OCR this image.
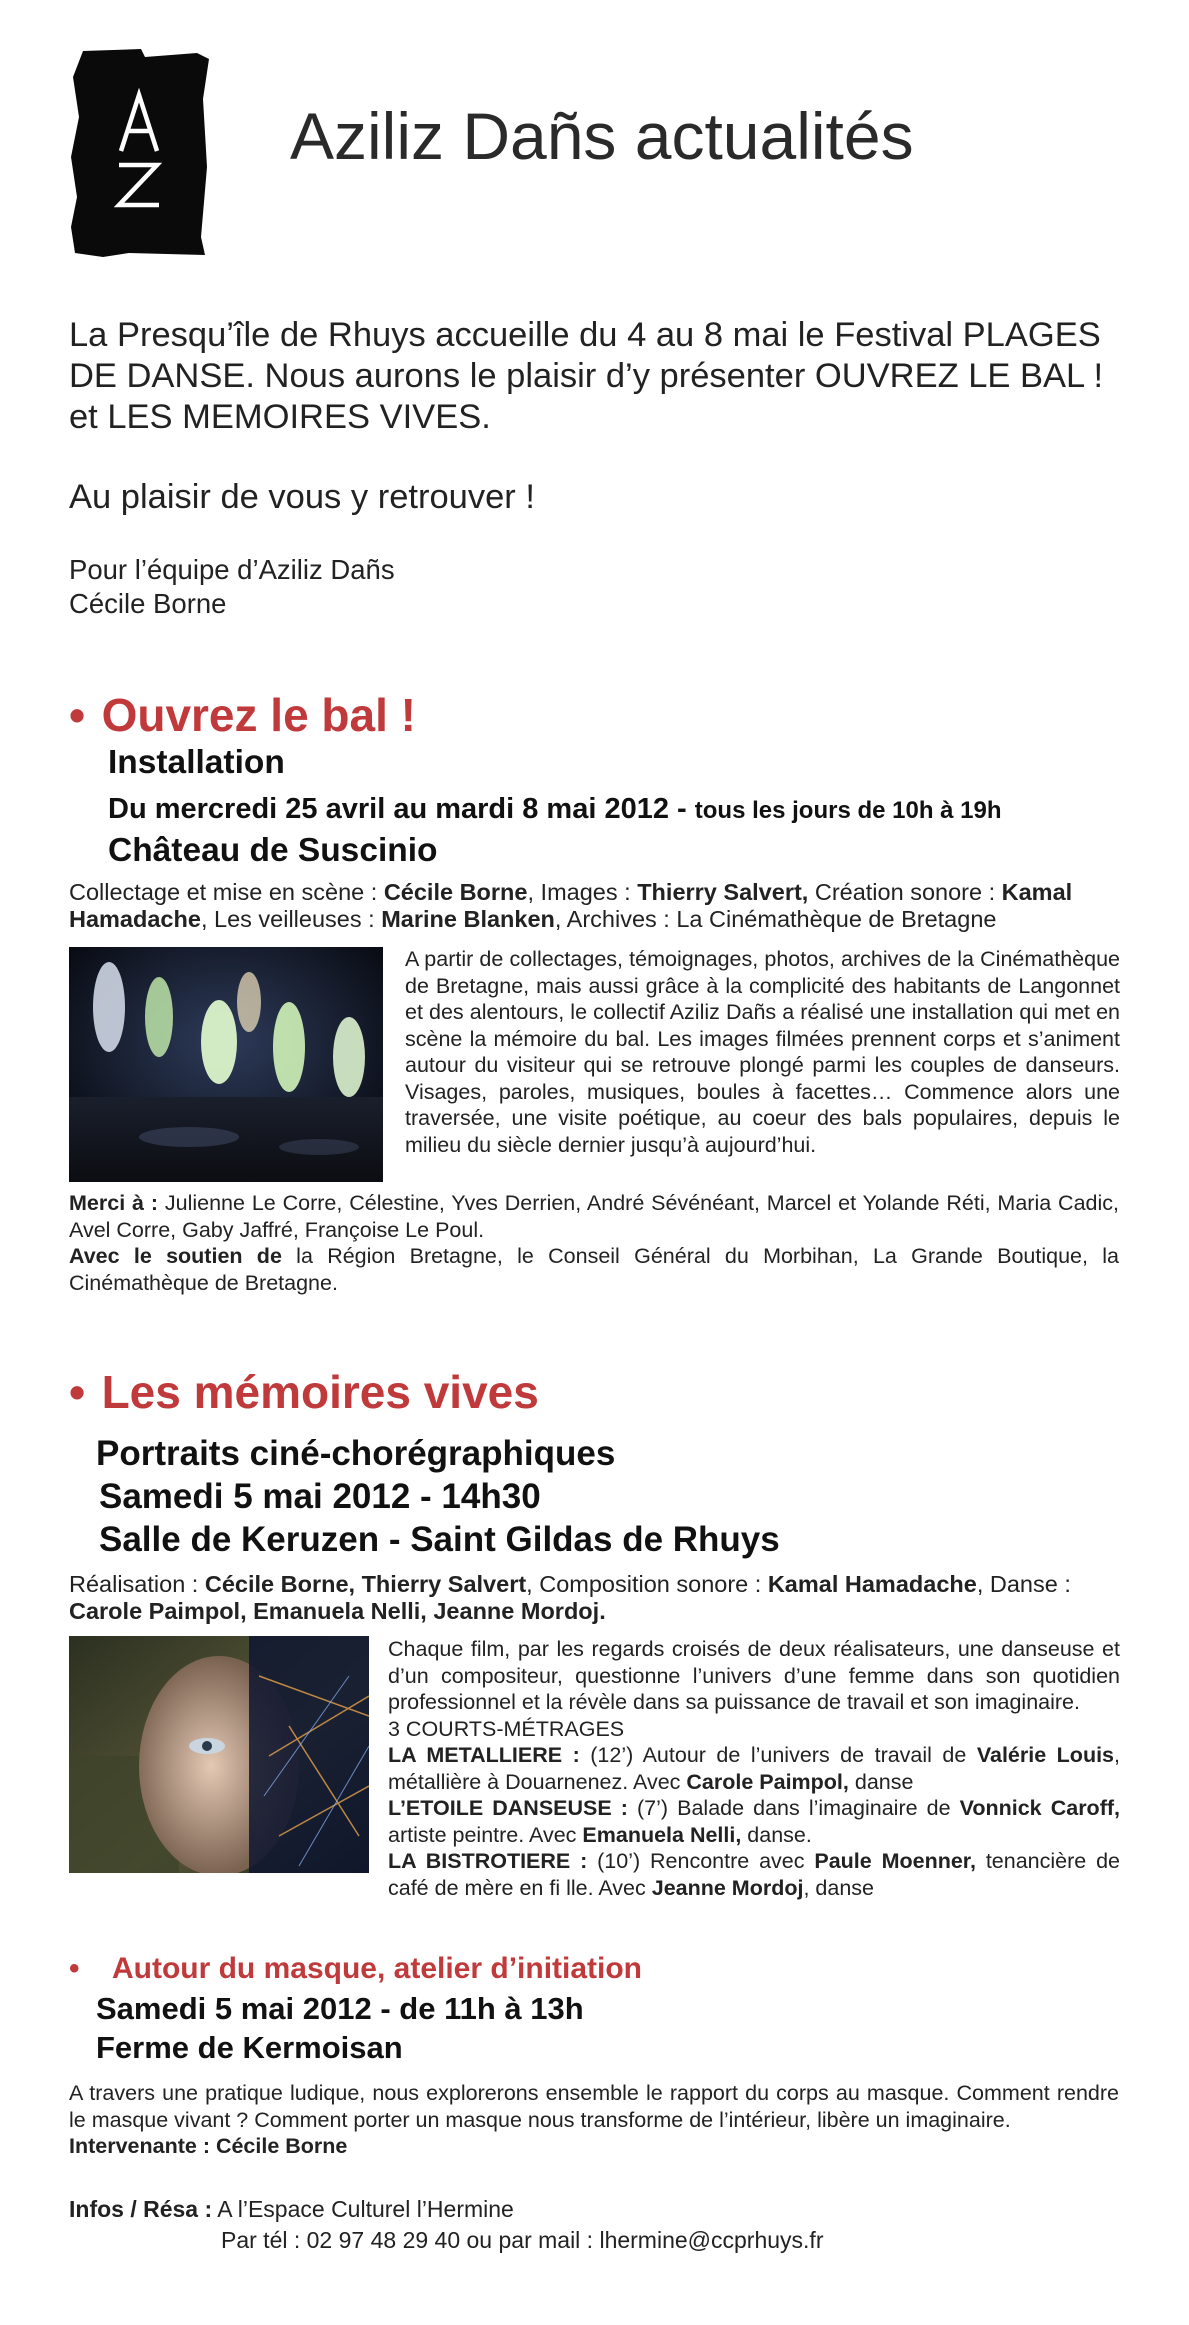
Aziliz Dañs actualités
La Presqu’île de Rhuys accueille du 4 au 8 mai le Festival PLAGES DE DANSE. Nous aurons le plaisir d’y présenter OUVREZ LE BAL ! et LES MEMOIRES VIVES.
Au plaisir de vous y retrouver !
Pour l’équipe d’Aziliz Dañs
Cécile Borne
• Ouvrez le bal !
Installation
Du mercredi 25 avril au mardi 8 mai 2012 - tous les jours de 10h à 19h
Château de Suscinio
Collectage et mise en scène : Cécile Borne, Images : Thierry Salvert, Création sonore : Kamal Hamadache, Les veilleuses : Marine Blanken, Archives : La Cinémathèque de Bretagne
A partir de collectages, témoignages, photos, archives de la Cinémathèque de Bretagne, mais aussi grâce à la complicité des habitants de Langonnet et des alentours, le collectif Aziliz Dañs a réalisé une installation qui met en scène la mémoire du bal. Les images filmées prennent corps et s’animent autour du visiteur qui se retrouve plongé parmi les couples de danseurs. Visages, paroles, musiques, boules à facettes… Commence alors une traversée, une visite poétique, au coeur des bals populaires, depuis le milieu du siècle dernier jusqu’à aujourd’hui.
Merci à : Julienne Le Corre, Célestine, Yves Derrien, André Sévénéant, Marcel et Yolande Réti, Maria Cadic, Avel Corre, Gaby Jaffré, Françoise Le Poul.
Avec le soutien de la Région Bretagne, le Conseil Général du Morbihan, La Grande Boutique, la Cinémathèque de Bretagne.
• Les mémoires vives
Portraits ciné-chorégraphiques
Samedi 5 mai 2012 - 14h30
Salle de Keruzen - Saint Gildas de Rhuys
Réalisation : Cécile Borne, Thierry Salvert, Composition sonore : Kamal Hamadache, Danse : Carole Paimpol, Emanuela Nelli, Jeanne Mordoj.
Chaque film, par les regards croisés de deux réalisateurs, une danseuse et d’un compositeur, questionne l’univers d’une femme dans son quotidien professionnel et la révèle dans sa puissance de travail et son imaginaire.
3 COURTS-MÉTRAGES
LA METALLIERE : (12’) Autour de l’univers de travail de Valérie Louis, métallière à Douarnenez. Avec Carole Paimpol, danse
L’ETOILE DANSEUSE : (7’) Balade dans l’imaginaire de Vonnick Caroff, artiste peintre. Avec Emanuela Nelli, danse.
LA BISTROTIERE : (10’) Rencontre avec Paule Moenner, tenancière de café de mère en fi lle. Avec Jeanne Mordoj, danse
• Autour du masque, atelier d’initiation
Samedi 5 mai 2012 - de 11h à 13h
Ferme de Kermoisan
A travers une pratique ludique, nous explorerons ensemble le rapport du corps au masque. Comment rendre le masque vivant ? Comment porter un masque nous transforme de l’intérieur, libère un imaginaire.
Intervenante : Cécile Borne
Infos / Résa : A l’Espace Culturel l’Hermine
Par tél : 02 97 48 29 40 ou par mail : lhermine@ccprhuys.fr
